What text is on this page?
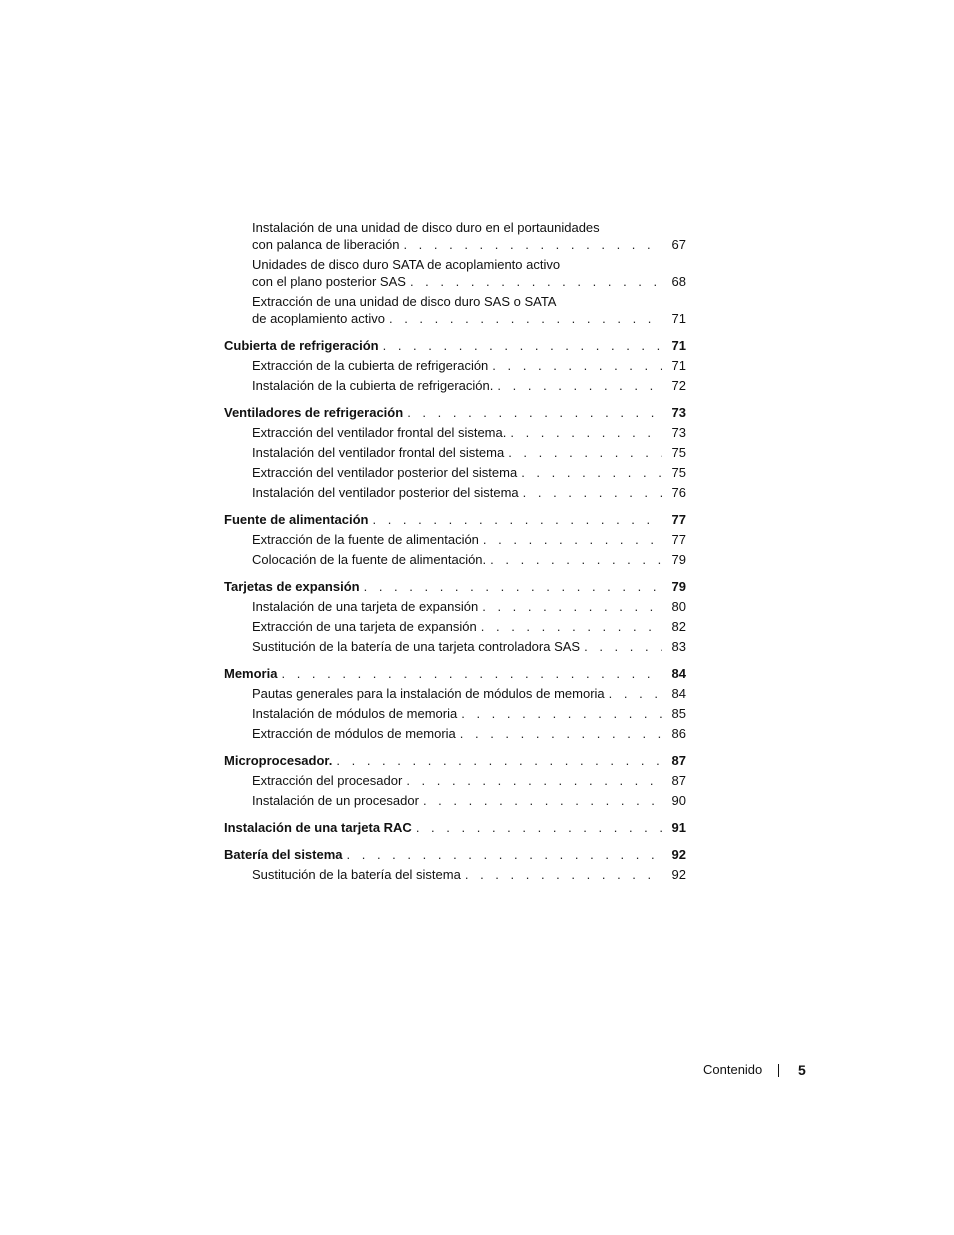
Instalación de una unidad de disco duro en el portaunidades
con palanca de liberación . . .	67
Unidades de disco duro SATA de acoplamiento activo
con el plano posterior SAS . . .	68
Extracción de una unidad de disco duro SAS o SATA
de acoplamiento activo . . .	71
Cubierta de refrigeración . . .	71
Extracción de la cubierta de refrigeración . . .	71
Instalación de la cubierta de refrigeración. . . .	72
Ventiladores de refrigeración . . .	73
Extracción del ventilador frontal del sistema. . . .	73
Instalación del ventilador frontal del sistema . . .	75
Extracción del ventilador posterior del sistema . . .	75
Instalación del ventilador posterior del sistema . . .	76
Fuente de alimentación . . .	77
Extracción de la fuente de alimentación . . .	77
Colocación de la fuente de alimentación. . . .	79
Tarjetas de expansión . . .	79
Instalación de una tarjeta de expansión . . .	80
Extracción de una tarjeta de expansión . . .	82
Sustitución de la batería de una tarjeta controladora SAS . . .	83
Memoria . . .	84
Pautas generales para la instalación de módulos de memoria . . .	84
Instalación de módulos de memoria . . .	85
Extracción de módulos de memoria . . .	86
Microprocesador. . . .	87
Extracción del procesador . . .	87
Instalación de un procesador . . .	90
Instalación de una tarjeta RAC . . .	91
Batería del sistema . . .	92
Sustitución de la batería del sistema . . .	92
Contenido	5
